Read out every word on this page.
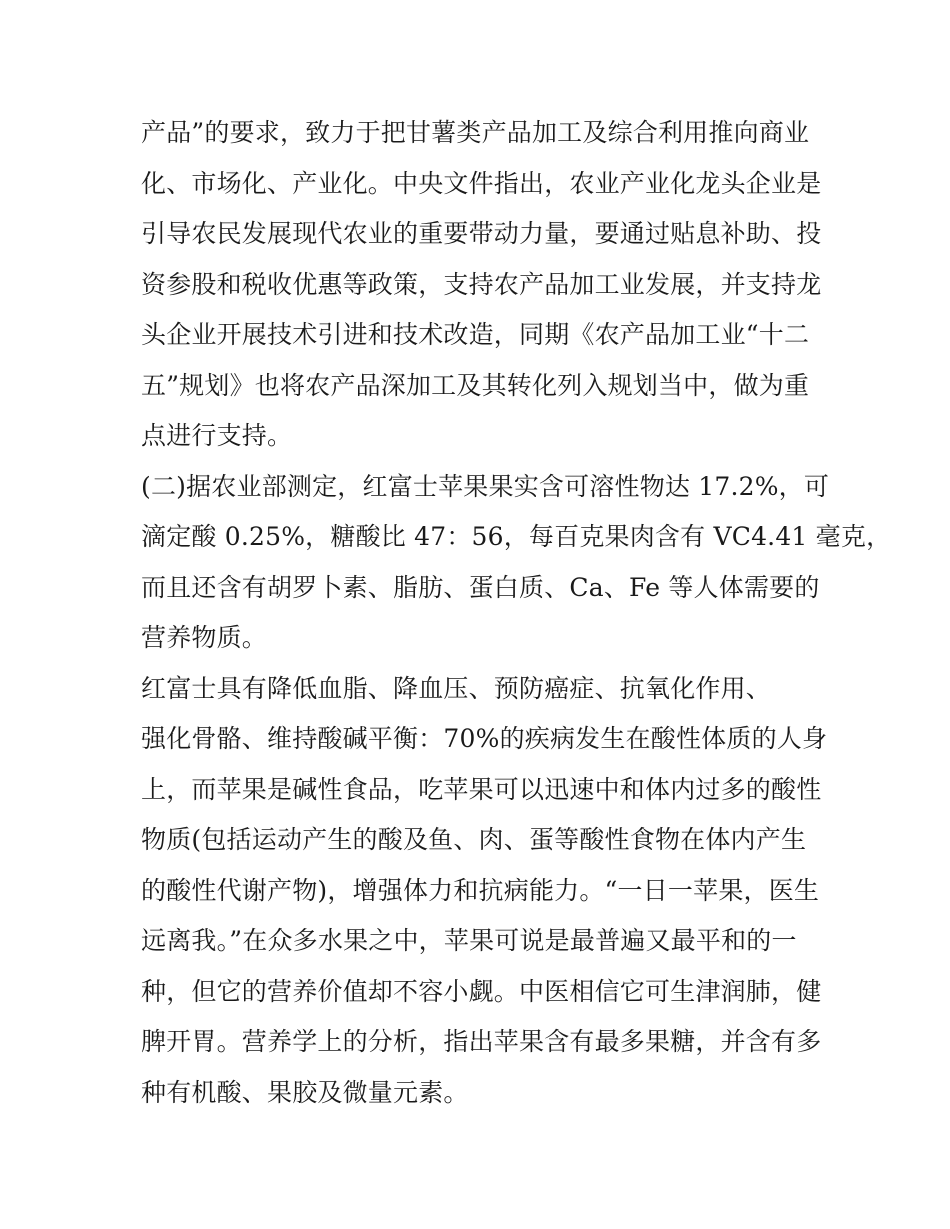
产品”的要求，致力于把甘薯类产品加工及综合利用推向商业
化、市场化、产业化。中央文件指出，农业产业化龙头企业是
引导农民发展现代农业的重要带动力量，要通过贴息补助、投
资参股和税收优惠等政策，支持农产品加工业发展，并支持龙
头企业开展技术引进和技术改造，同期《农产品加工业“十二
五”规划》也将农产品深加工及其转化列入规划当中，做为重
点进行支持。
(二)据农业部测定，红富士苹果果实含可溶性物达 17.2%，可
滴定酸 0.25%，糖酸比 47：56，每百克果肉含有 VC4.41 毫克，
而且还含有胡罗卜素、脂肪、蛋白质、Ca、Fe 等人体需要的
营养物质。
红富士具有降低血脂、降血压、预防癌症、抗氧化作用、
强化骨骼、维持酸碱平衡：70%的疾病发生在酸性体质的人身
上，而苹果是碱性食品，吃苹果可以迅速中和体内过多的酸性
物质(包括运动产生的酸及鱼、肉、蛋等酸性食物在体内产生
的酸性代谢产物)，增强体力和抗病能力。“一日一苹果，医生
远离我。”在众多水果之中，苹果可说是最普遍又最平和的一
种，但它的营养价值却不容小觑。中医相信它可生津润肺，健
脾开胃。营养学上的分析，指出苹果含有最多果糖，并含有多
种有机酸、果胶及微量元素。
